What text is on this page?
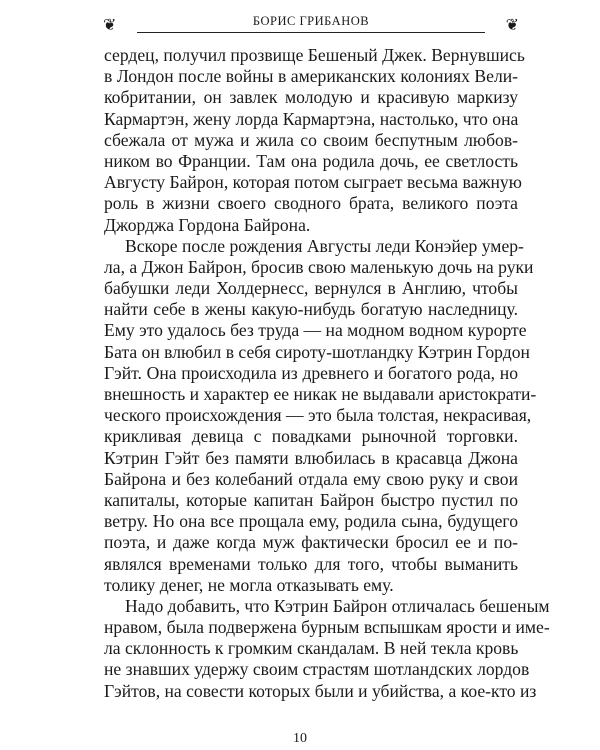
❦	БОРИС ГРИБАНОВ	❦
сердец, получил прозвище Бешеный Джек. Вернувшись
в Лондон после войны в американских колониях Вели-
кобритании, он завлек молодую и красивую маркизу
Кармартэн, жену лорда Кармартэна, настолько, что она
сбежала от мужа и жила со своим беспутным любов-
ником во Франции. Там она родила дочь, ее светлость
Августу Байрон, которая потом сыграет весьма важную
роль в жизни своего сводного брата, великого поэта
Джорджа Гордона Байрона.
Вскоре после рождения Августы леди Конэйер умер-
ла, а Джон Байрон, бросив свою маленькую дочь на руки
бабушки леди Холдернесс, вернулся в Англию, чтобы
найти себе в жены какую-нибудь богатую наследницу.
Ему это удалось без труда — на модном водном курорте
Бата он влюбил в себя сироту-шотландку Кэтрин Гордон
Гэйт. Она происходила из древнего и богатого рода, но
внешность и характер ее никак не выдавали аристократи-
ческого происхождения — это была толстая, некрасивая,
крикливая девица с повадками рыночной торговки.
Кэтрин Гэйт без памяти влюбилась в красавца Джона
Байрона и без колебаний отдала ему свою руку и свои
капиталы, которые капитан Байрон быстро пустил по
ветру. Но она все прощала ему, родила сына, будущего
поэта, и даже когда муж фактически бросил ее и по-
являлся временами только для того, чтобы выманить
толику денег, не могла отказывать ему.
Надо добавить, что Кэтрин Байрон отличалась бешеным
нравом, была подвержена бурным вспышкам ярости и име-
ла склонность к громким скандалам. В ней текла кровь
не знавших удержу своим страстям шотландских лордов
Гэйтов, на совести которых были и убийства, а кое-кто из
10
